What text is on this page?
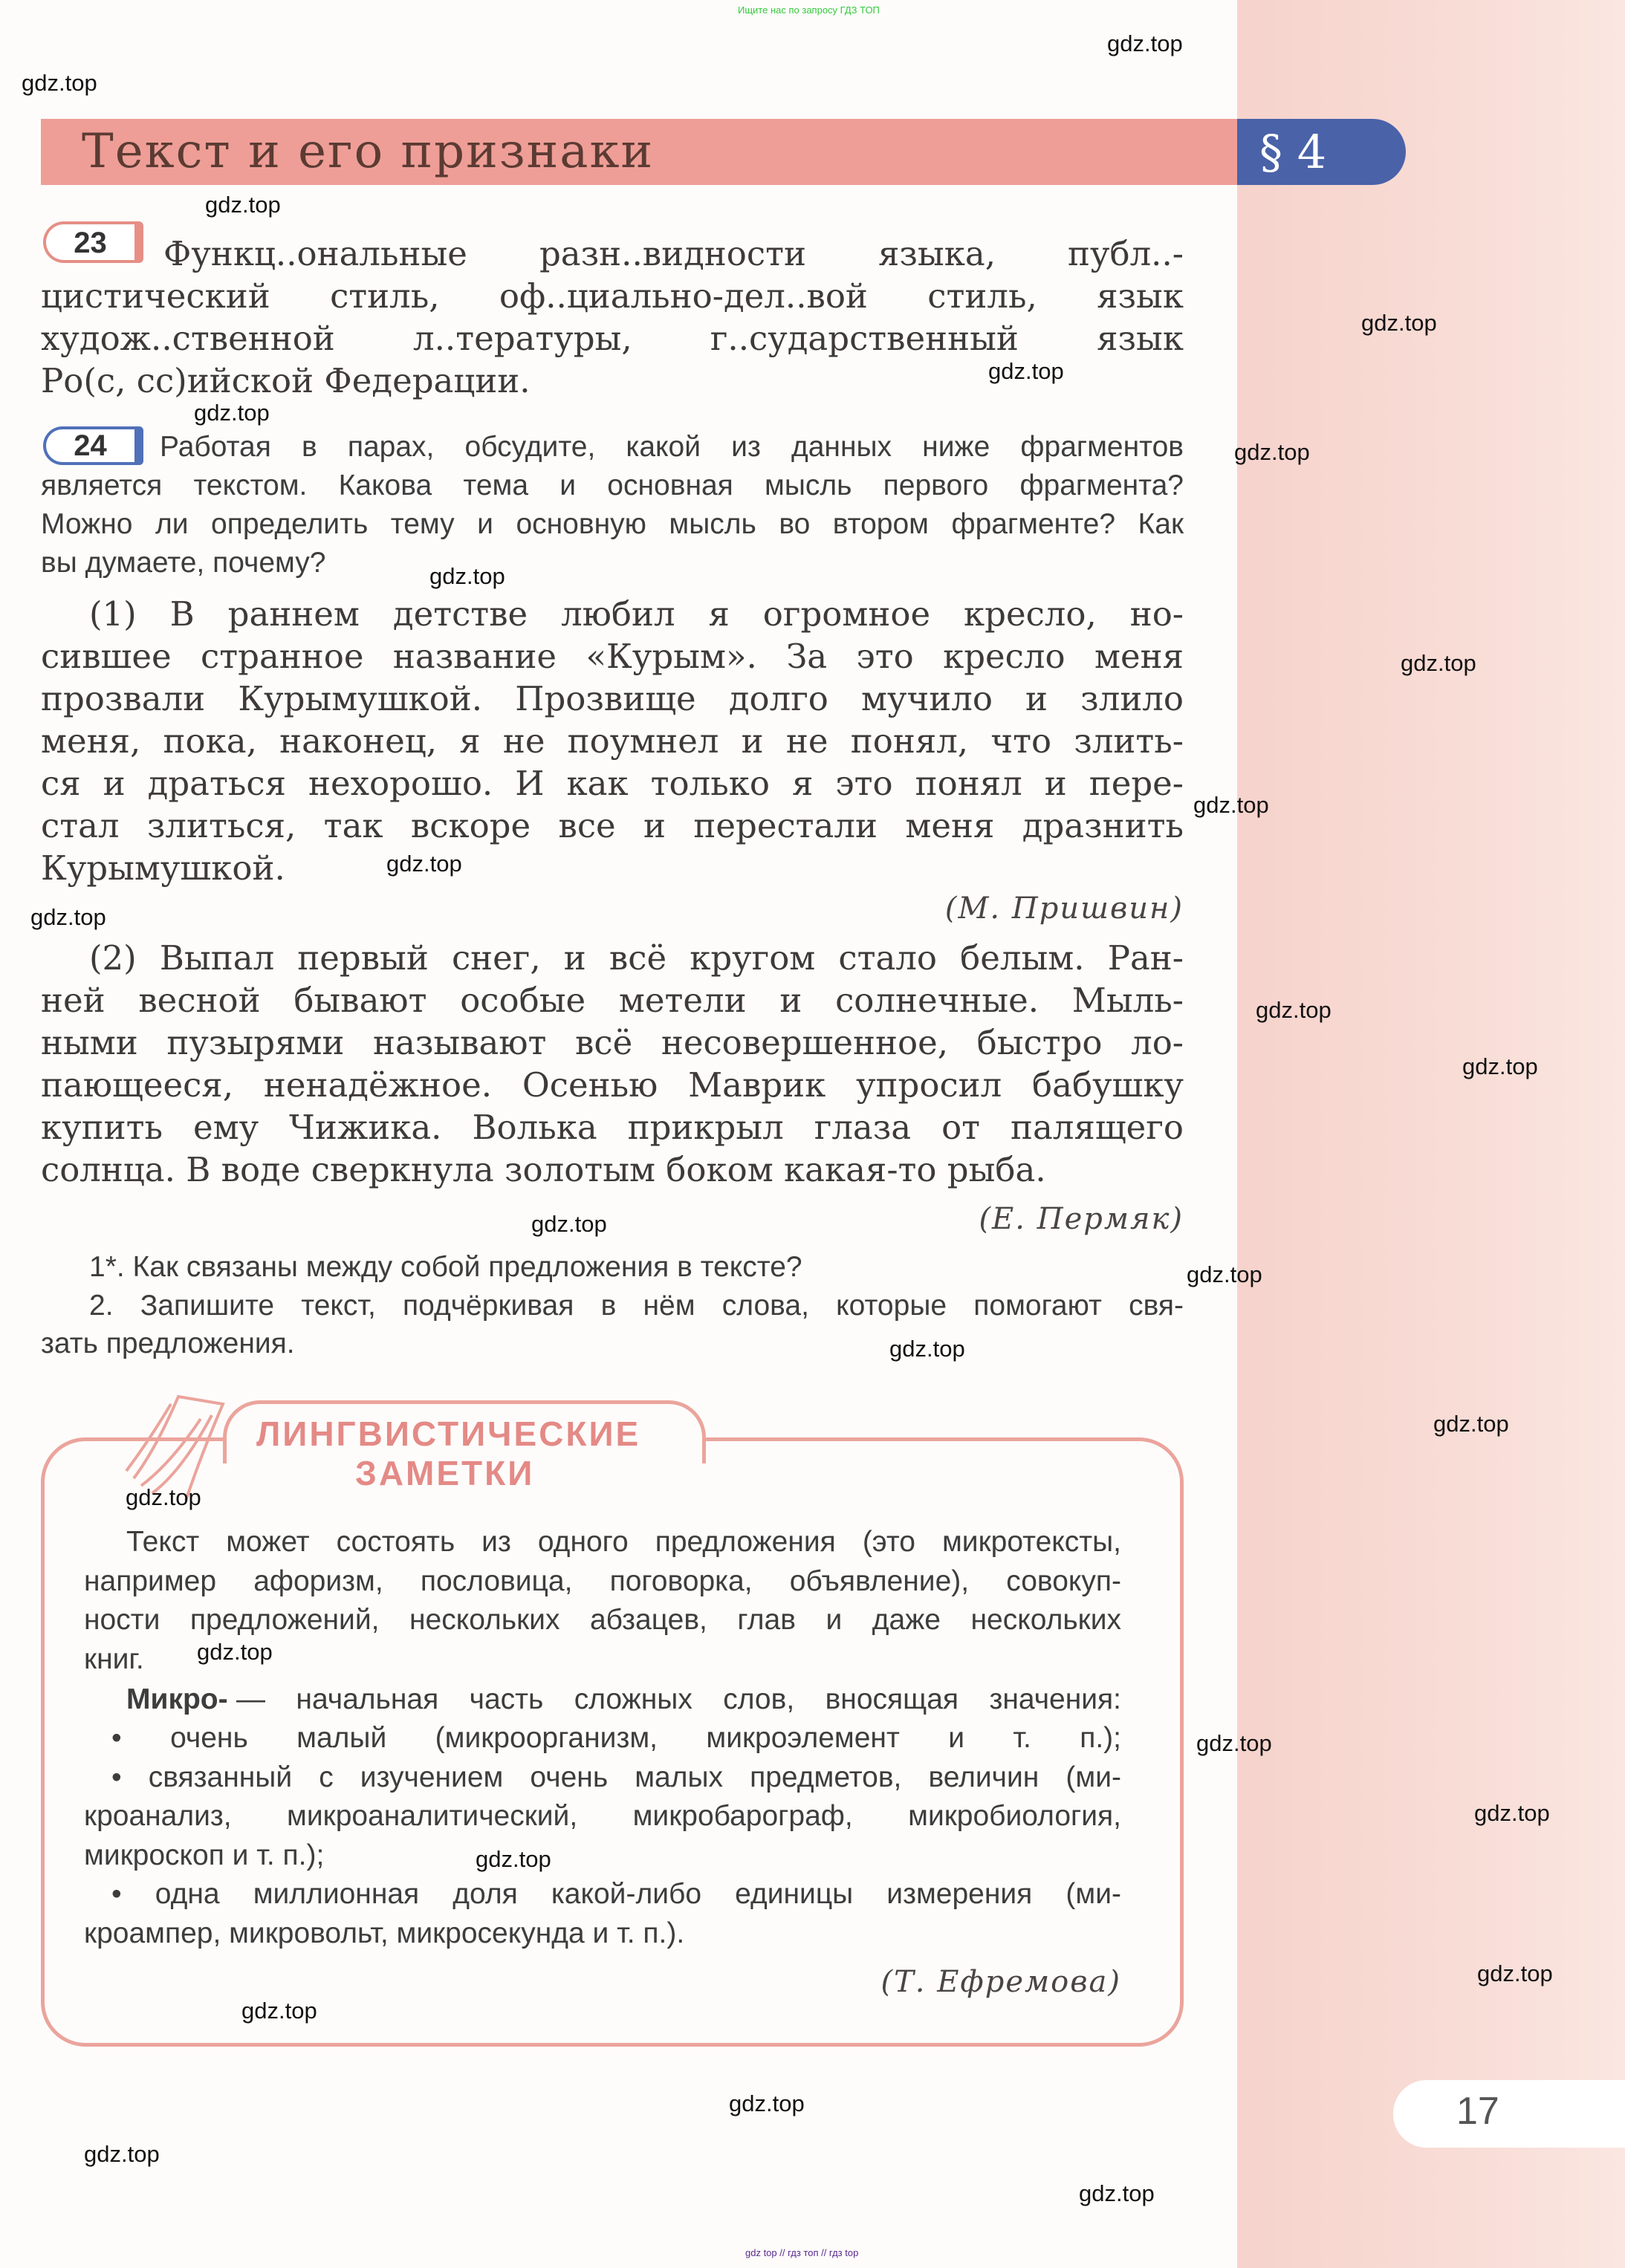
Ищите нас по запросу ГДЗ ТОП
gdz top // гдз топ // гдз top
Текст и его признаки	§ 4
23
24
(М. Пришвин)
(Е. Пермяк)
ЛИНГВИСТИЧЕСКИЕ
ЗАМЕТКИ
(Т. Ефремова)
17
Функц..ональные разн..видности языка, публ..-
цистический стиль, оф..циально-дел..вой стиль, язык
худож..ственной л..тературы, г..сударственный язык
Ро(с, сс)ийской Федерации.
Работая в парах, обсудите, какой из данных ниже фрагментов
является текстом. Какова тема и основная мысль первого фрагмента?
Можно ли определить тему и основную мысль во втором фрагменте? Как
вы думаете, почему?
(1) В раннем детстве любил я огромное кресло, но-
сившее странное название «Курым». За это кресло меня
прозвали Курымушкой. Прозвище долго мучило и злило
меня, пока, наконец, я не поумнел и не понял, что злить-
ся и драться нехорошо. И как только я это понял и пере-
стал злиться, так вскоре все и перестали меня дразнить
Курымушкой.
(2) Выпал первый снег, и всё кругом стало белым. Ран-
ней весной бывают особые метели и солнечные. Мыль-
ными пузырями называют всё несовершенное, быстро ло-
пающееся, ненадёжное. Осенью Маврик упросил бабушку
купить ему Чижика. Волька прикрыл глаза от палящего
солнца. В воде сверкнула золотым боком какая-то рыба.
1*. Как связаны между собой предложения в тексте?
2. Запишите текст, подчёркивая в нём слова, которые помогают свя-
зать предложения.
Текст может состоять из одного предложения (это микротексты,
например афоризм, пословица, поговорка, объявление), совокуп-
ности предложений, нескольких абзацев, глав и даже нескольких
книг.
Микро- — начальная часть сложных слов, вносящая значения:
• очень малый (микроорганизм, микроэлемент и т. п.);
• связанный с изучением очень малых предметов, величин (ми-
кроанализ, микроаналитический, микробарограф, микробиология,
микроскоп и т. п.);
• одна миллионная доля какой-либо единицы измерения (ми-
кроампер, микровольт, микросекунда и т. п.).
gdz.top
gdz.top
gdz.top
gdz.top
gdz.top
gdz.top
gdz.top
gdz.top
gdz.top
gdz.top
gdz.top
gdz.top
gdz.top
gdz.top
gdz.top
gdz.top
gdz.top
gdz.top
gdz.top
gdz.top
gdz.top
gdz.top
gdz.top
gdz.top
gdz.top
gdz.top
gdz.top
gdz.top
